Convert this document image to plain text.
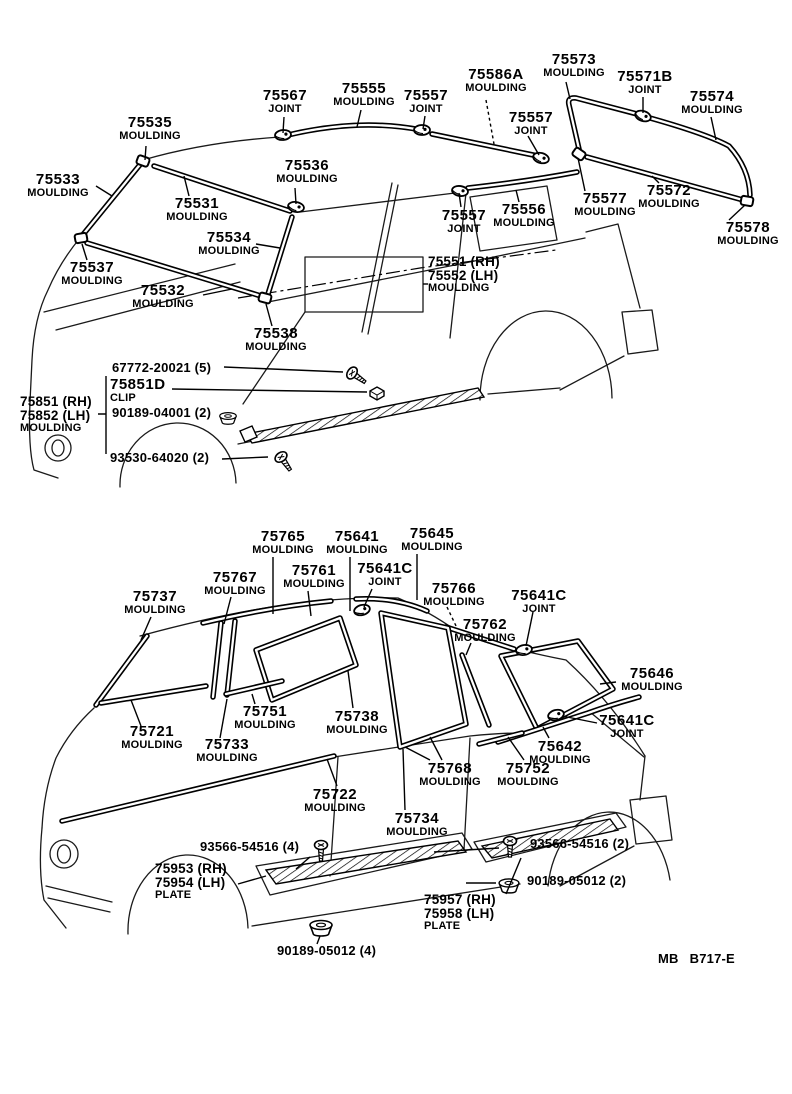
75535
MOULDING
75533
MOULDING
75567
JOINT
75555
MOULDING 75557
JOINT
75586A
MOULDING
75573
MOULDING 75571B
JOINT	75574
MOULDING
75557
JOINT
75536
MOULDING
75531
MOULDING
75534
MOULDING
75537
MOULDING
75532
MOULDING
75538
MOULDING
75557
JOINT
75556
MOULDING
75577
MOULDING
75572
MOULDING
75578
MOULDING
75551 (RH)
75552 (LH)
MOULDING
67772-20021 (5)
75851D
CLIP
90189-04001 (2)
75851 (RH)
75852 (LH)
MOULDING
93530-64020 (2)
75765
MOULDING
75641
MOULDING
75645
MOULDING
75767
MOULDING
75761
MOULDING
75641C
JOINT	75766
MOULDING	75641C
JOINT
75762
MOULDING
75737
MOULDING
75646
MOULDING
75641C
JOINT
75642
MOULDING
75721
MOULDING	75733
MOULDING
75751
MOULDING	75738
MOULDING
75722
MOULDING
75768
MOULDING
75752
MOULDING
75734
MOULDING
93566-54516 (4)
75953 (RH)
75954 (LH)
PLATE
93566-54516 (2)
90189-05012 (2)
75957 (RH)
75958 (LH)
PLATE
90189-05012 (4)
MB B717-E
